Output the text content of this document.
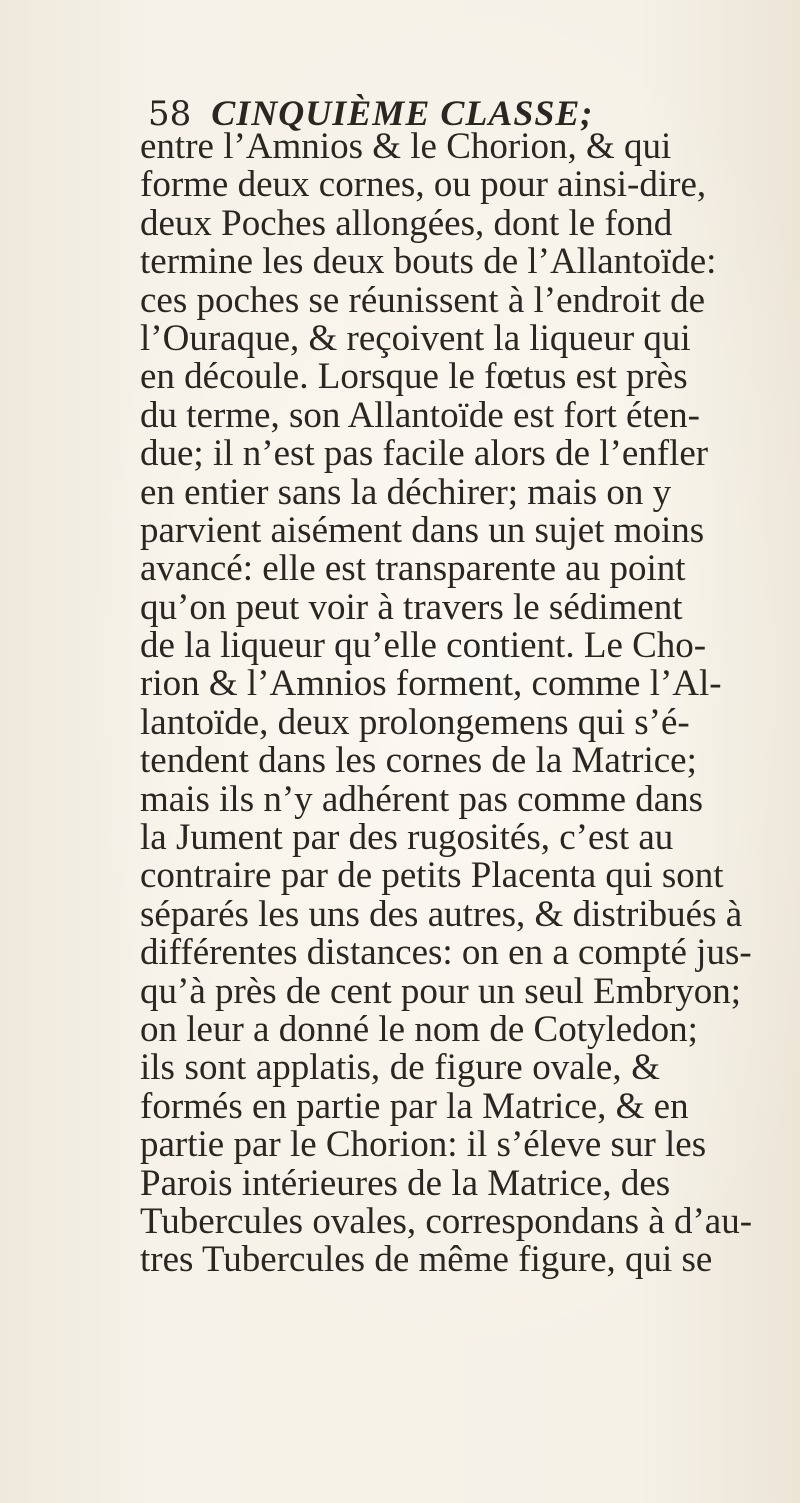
58 CINQUIÈME CLASSE;
entre l’Amnios & le Chorion, & qui
forme deux cornes, ou pour ainsi-dire,
deux Poches allongées, dont le fond
termine les deux bouts de l’Allantoïde:
ces poches se réunissent à l’endroit de
l’Ouraque, & reçoivent la liqueur qui
en découle. Lorsque le fœtus est près
du terme, son Allantoïde est fort éten-
due; il n’est pas facile alors de l’enfler
en entier sans la déchirer; mais on y
parvient aisément dans un sujet moins
avancé: elle est transparente au point
qu’on peut voir à travers le sédiment
de la liqueur qu’elle contient. Le Cho-
rion & l’Amnios forment, comme l’Al-
lantoïde, deux prolongemens qui s’é-
tendent dans les cornes de la Matrice;
mais ils n’y adhérent pas comme dans
la Jument par des rugosités, c’est au
contraire par de petits Placenta qui sont
séparés les uns des autres, & distribués à
différentes distances: on en a compté jus-
qu’à près de cent pour un seul Embryon;
on leur a donné le nom de Cotyledon;
ils sont applatis, de figure ovale, &
formés en partie par la Matrice, & en
partie par le Chorion: il s’éleve sur les
Parois intérieures de la Matrice, des
Tubercules ovales, correspondans à d’au-
tres Tubercules de même figure, qui se
